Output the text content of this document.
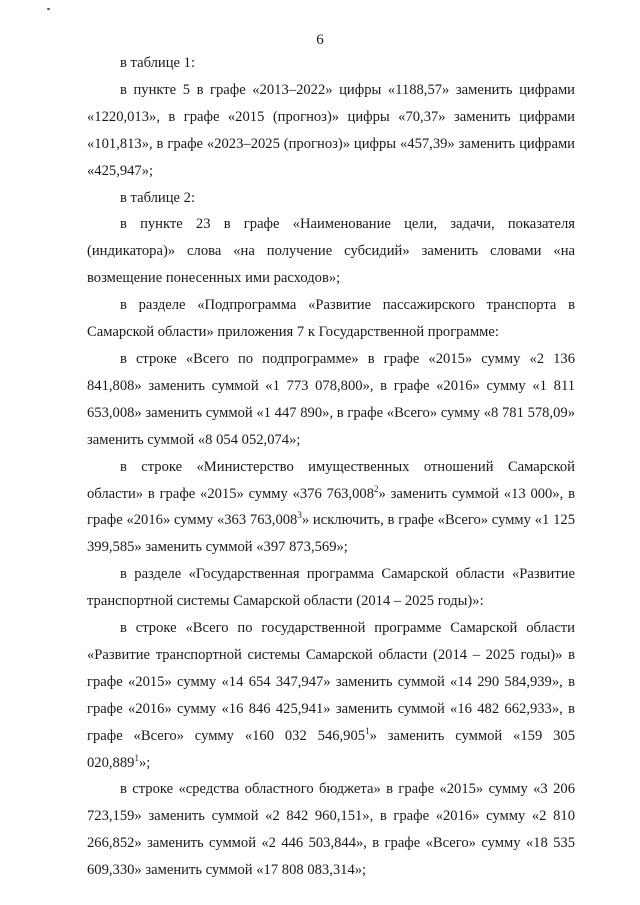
6

в таблице 1:

в пункте 5 в графе «2013–2022» цифры «1188,57» заменить цифрами «1220,013», в графе «2015 (прогноз)» цифры «70,37» заменить цифрами «101,813», в графе «2023–2025 (прогноз)» цифры «457,39» заменить цифрами «425,947»;

в таблице 2:

в пункте 23 в графе «Наименование цели, задачи, показателя (индикатора)» слова «на получение субсидий» заменить словами «на возмещение понесенных ими расходов»;

в разделе «Подпрограмма «Развитие пассажирского транспорта в Самарской области» приложения 7 к Государственной программе:

в строке «Всего по подпрограмме» в графе «2015» сумму «2 136 841,808» заменить суммой «1 773 078,800», в графе «2016» сумму «1 811 653,008» заменить суммой «1 447 890», в графе «Всего» сумму «8 781 578,09» заменить суммой «8 054 052,074»;

в строке «Министерство имущественных отношений Самарской области» в графе «2015» сумму «376 763,008$^2$» заменить суммой «13 000», в графе «2016» сумму «363 763,008$^3$» исключить, в графе «Всего» сумму «1 125 399,585» заменить суммой «397 873,569»;

в разделе «Государственная программа Самарской области «Развитие транспортной системы Самарской области (2014 – 2025 годы)»:

в строке «Всего по государственной программе Самарской области «Развитие транспортной системы Самарской области (2014 – 2025 годы)» в графе «2015» сумму «14 654 347,947» заменить суммой «14 290 584,939», в графе «2016» сумму «16 846 425,941» заменить суммой «16 482 662,933», в графе «Всего» сумму «160 032 546,905$^1$» заменить суммой «159 305 020,889$^1$»;

в строке «средства областного бюджета» в графе «2015» сумму «3 206 723,159» заменить суммой «2 842 960,151», в графе «2016» сумму «2 810 266,852» заменить суммой «2 446 503,844», в графе «Всего» сумму «18 535 609,330» заменить суммой «17 808 083,314»;
